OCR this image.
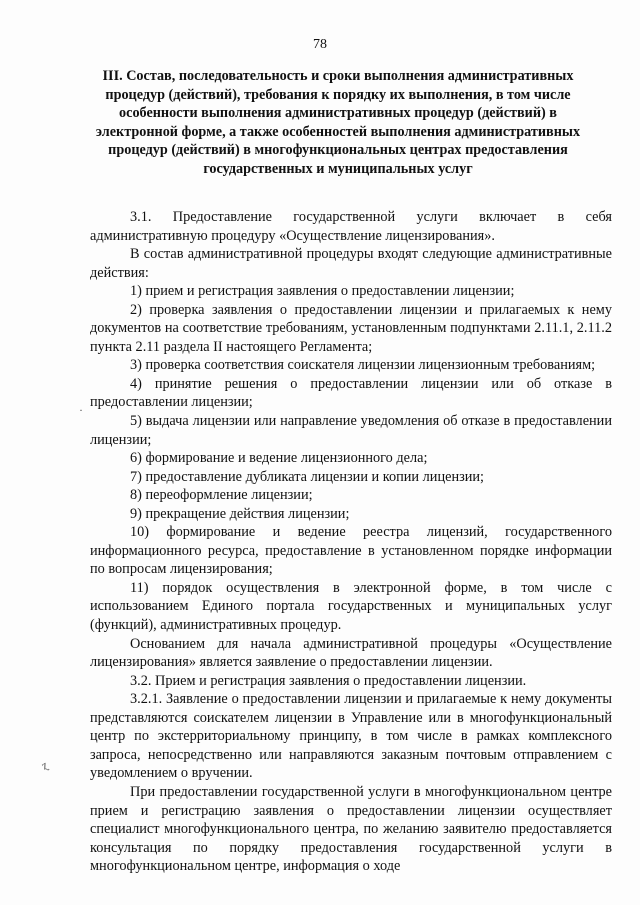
78
III. Состав, последовательность и сроки выполнения административных процедур (действий), требования к порядку их выполнения, в том числе особенности выполнения административных процедур (действий) в электронной форме, а также особенностей выполнения административных процедур (действий) в многофункциональных центрах предоставления государственных и муниципальных услуг

3.1. Предоставление государственной услуги включает в себя административную процедуру «Осуществление лицензирования».

В состав административной процедуры входят следующие административные действия:

1) прием и регистрация заявления о предоставлении лицензии;

2) проверка заявления о предоставлении лицензии и прилагаемых к нему документов на соответствие требованиям, установленным подпунктами 2.11.1, 2.11.2 пункта 2.11 раздела II настоящего Регламента;

3) проверка соответствия соискателя лицензии лицензионным требованиям;

4) принятие решения о предоставлении лицензии или об отказе в предоставлении лицензии;

5) выдача лицензии или направление уведомления об отказе в предоставлении лицензии;

6) формирование и ведение лицензионного дела;

7) предоставление дубликата лицензии и копии лицензии;

8) переоформление лицензии;

9) прекращение действия лицензии;

10) формирование и ведение реестра лицензий, государственного информационного ресурса, предоставление в установленном порядке информации по вопросам лицензирования;

11) порядок осуществления в электронной форме, в том числе с использованием Единого портала государственных и муниципальных услуг (функций), административных процедур.

Основанием для начала административной процедуры «Осуществление лицензирования» является заявление о предоставлении лицензии.

3.2. Прием и регистрация заявления о предоставлении лицензии.

3.2.1. Заявление о предоставлении лицензии и прилагаемые к нему документы представляются соискателем лицензии в Управление или в многофункциональный центр по экстерриториальному принципу, в том числе в рамках комплексного запроса, непосредственно или направляются заказным почтовым отправлением с уведомлением о вручении.

При предоставлении государственной услуги в многофункциональном центре прием и регистрацию заявления о предоставлении лицензии осуществляет специалист многофункционального центра, по желанию заявителю предоставляется консультация по порядку предоставления государственной услуги в многофункциональном центре, информация о ходе

·
ɀ
